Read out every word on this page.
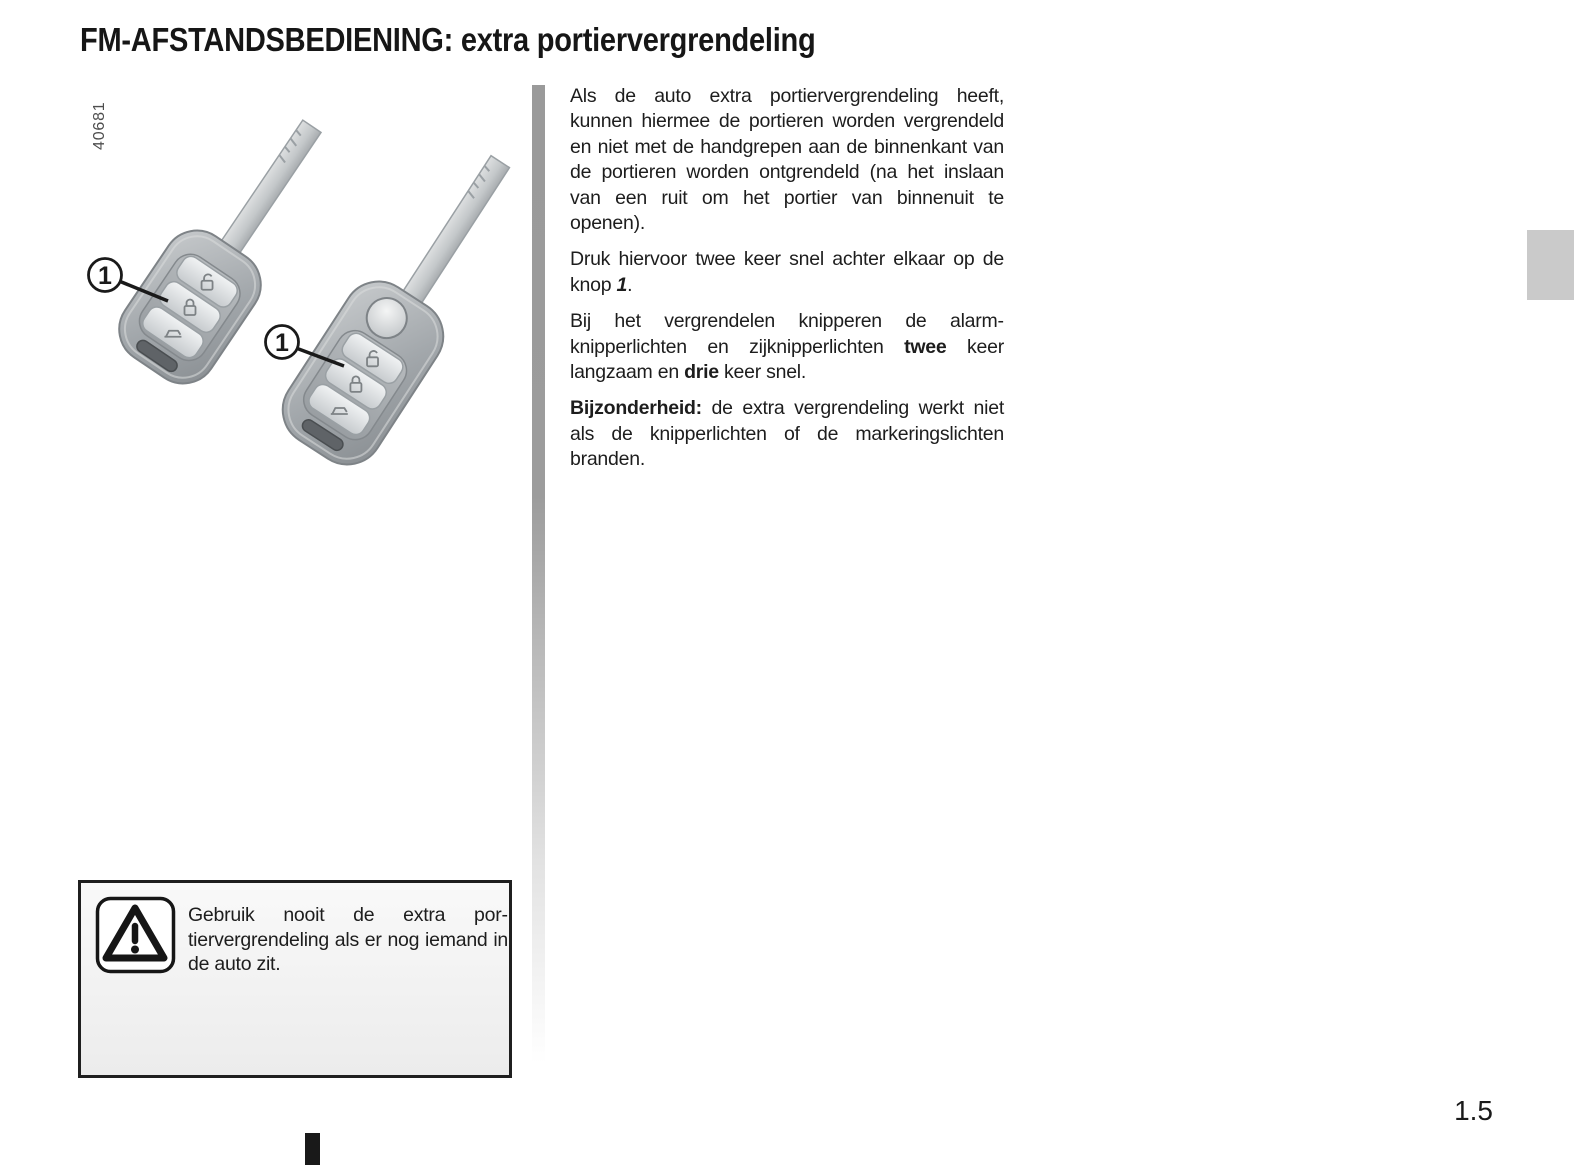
FM-AFSTANDSBEDIENING: extra portiervergrendeling
40681
1
1

Als de auto extra portiervergrendeling heeft, kunnen hiermee de portieren worden vergrendeld en niet met de handgrepen aan de binnenkant van de portieren worden ontgrendeld (na het inslaan van een ruit om het portier van binnenuit te openen).

Druk hiervoor twee keer snel achter elkaar op de knop 1.

Bij het vergrendelen knipperen de alarmknipperlichten en zijknipperlichten twee keer langzaam en drie keer snel.

Bijzonderheid: de extra vergrendeling werkt niet als de knipperlichten of de markeringslichten branden.

Gebruik nooit de extra portiervergrendeling als er nog iemand in de auto zit.

1.5
